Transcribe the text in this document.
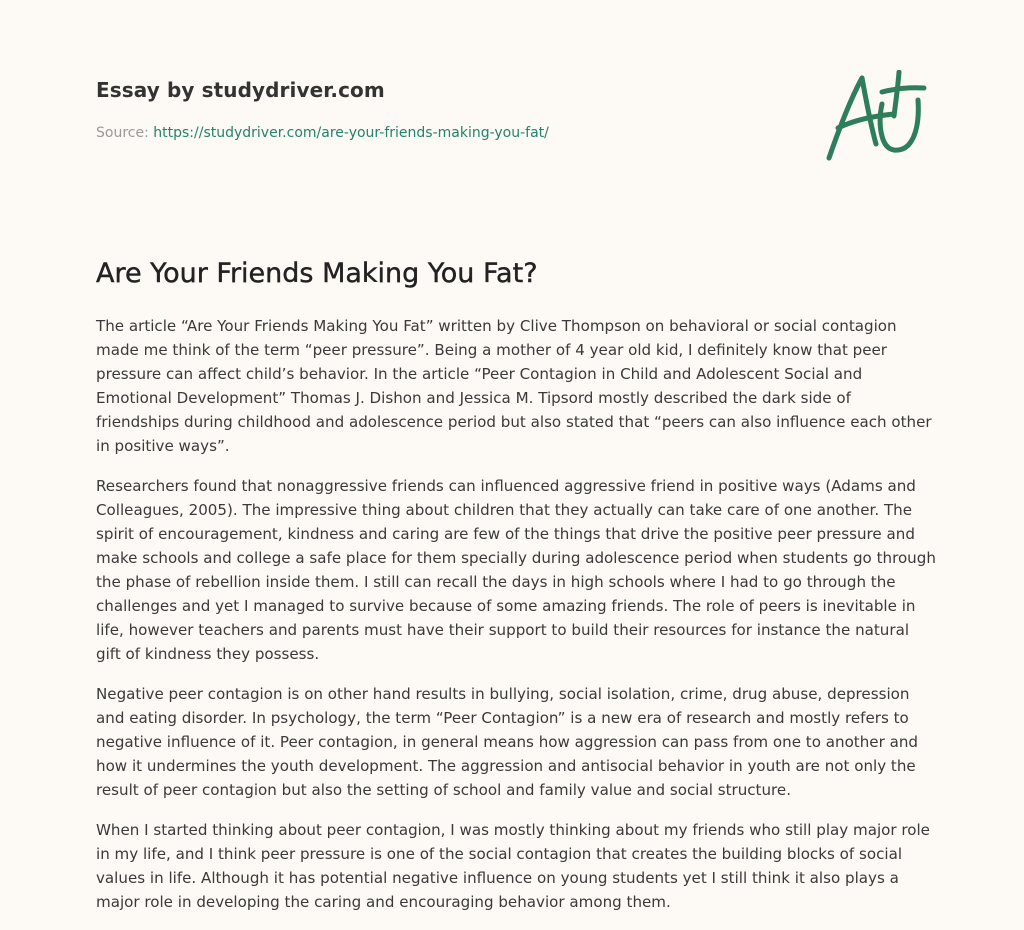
Essay by studydriver.com
Source: https://studydriver.com/are-your-friends-making-you-fat/
Are Your Friends Making You Fat?

The article “Are Your Friends Making You Fat” written by Clive Thompson on behavioral or social contagion made me think of the term “peer pressure”. Being a mother of 4 year old kid, I definitely know that peer pressure can affect child’s behavior. In the article “Peer Contagion in Child and Adolescent Social and Emotional Development” Thomas J. Dishon and Jessica M. Tipsord mostly described the dark side of friendships during childhood and adolescence period but also stated that “peers can also influence each other in positive ways”.

Researchers found that nonaggressive friends can influenced aggressive friend in positive ways (Adams and Colleagues, 2005). The impressive thing about children that they actually can take care of one another. The spirit of encouragement, kindness and caring are few of the things that drive the positive peer pressure and make schools and college a safe place for them specially during adolescence period when students go through the phase of rebellion inside them. I still can recall the days in high schools where I had to go through the challenges and yet I managed to survive because of some amazing friends. The role of peers is inevitable in life, however teachers and parents must have their support to build their resources for instance the natural gift of kindness they possess.

Negative peer contagion is on other hand results in bullying, social isolation, crime, drug abuse, depression and eating disorder. In psychology, the term “Peer Contagion” is a new era of research and mostly refers to negative influence of it. Peer contagion, in general means how aggression can pass from one to another and how it undermines the youth development. The aggression and antisocial behavior in youth are not only the result of peer contagion but also the setting of school and family value and social structure.

When I started thinking about peer contagion, I was mostly thinking about my friends who still play major role in my life, and I think peer pressure is one of the social contagion that creates the building blocks of social values in life. Although it has potential negative influence on young students yet I still think it also plays a major role in developing the caring and encouraging behavior among them.
